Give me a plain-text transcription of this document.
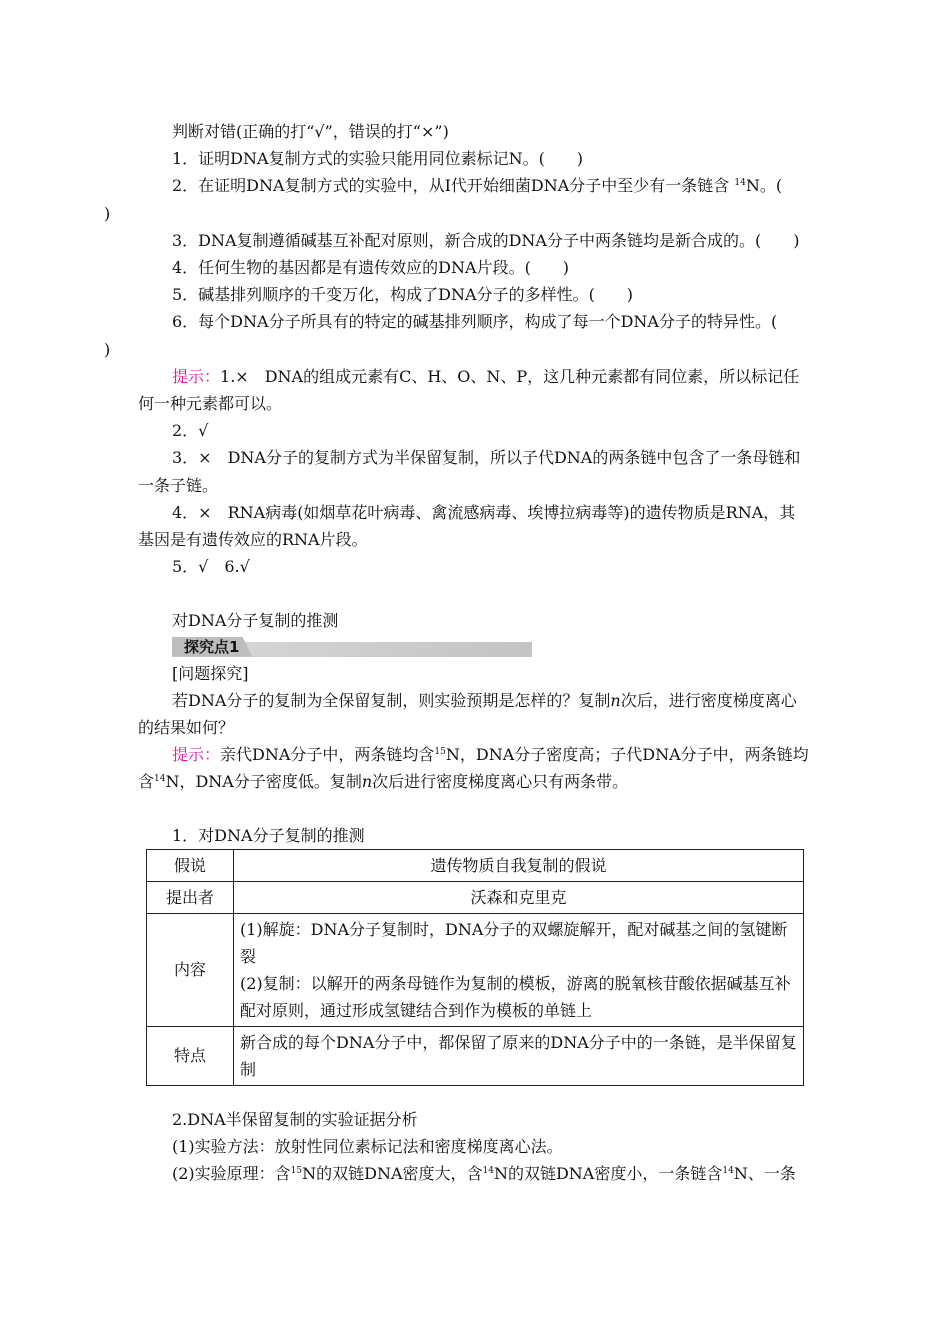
判断对错(正确的打“√”，错误的打“×”)

1．证明DNA复制方式的实验只能用同位素标记N。(　　)

2．在证明DNA复制方式的实验中，从Ⅰ代开始细菌DNA分子中至少有一条链含 $^{14}$N。(
)

3．DNA复制遵循碱基互补配对原则，新合成的DNA分子中两条链均是新合成的。(　　)

4．任何生物的基因都是有遗传效应的DNA片段。(　　)

5．碱基排列顺序的千变万化，构成了DNA分子的多样性。(　　)

6．每个DNA分子所具有的特定的碱基排列顺序，构成了每一个DNA分子的特异性。(
)

提示：1.×　DNA的组成元素有C、H、O、N、P，这几种元素都有同位素，所以标记任何一种元素都可以。

2．√

3．×　DNA分子的复制方式为半保留复制，所以子代DNA的两条链中包含了一条母链和一条子链。

4．×　RNA病毒(如烟草花叶病毒、禽流感病毒、埃博拉病毒等)的遗传物质是RNA，其基因是有遗传效应的RNA片段。

5．√　6.√

对DNA分子复制的推测

探究点1

[问题探究]

若DNA分子的复制为全保留复制，则实验预期是怎样的？复制n次后，进行密度梯度离心的结果如何？

提示：亲代DNA分子中，两条链均含$^{15}$N，DNA分子密度高；子代DNA分子中，两条链均含$^{14}$N，DNA分子密度低。复制n次后进行密度梯度离心只有两条带。

1．对DNA分子复制的推测

假说	遗传物质自我复制的假说
提出者	沃森和克里克
内容	(1)解旋：DNA分子复制时，DNA分子的双螺旋解开，配对碱基之间的氢键断裂
(2)复制：以解开的两条母链作为复制的模板，游离的脱氧核苷酸依据碱基互补配对原则，通过形成氢键结合到作为模板的单链上

特点	新合成的每个DNA分子中，都保留了原来的DNA分子中的一条链，是半保留复制

2.DNA半保留复制的实验证据分析

(1)实验方法：放射性同位素标记法和密度梯度离心法。

(2)实验原理：含$^{15}$N的双链DNA密度大，含$^{14}$N的双链DNA密度小，一条链含$^{14}$N、一条
